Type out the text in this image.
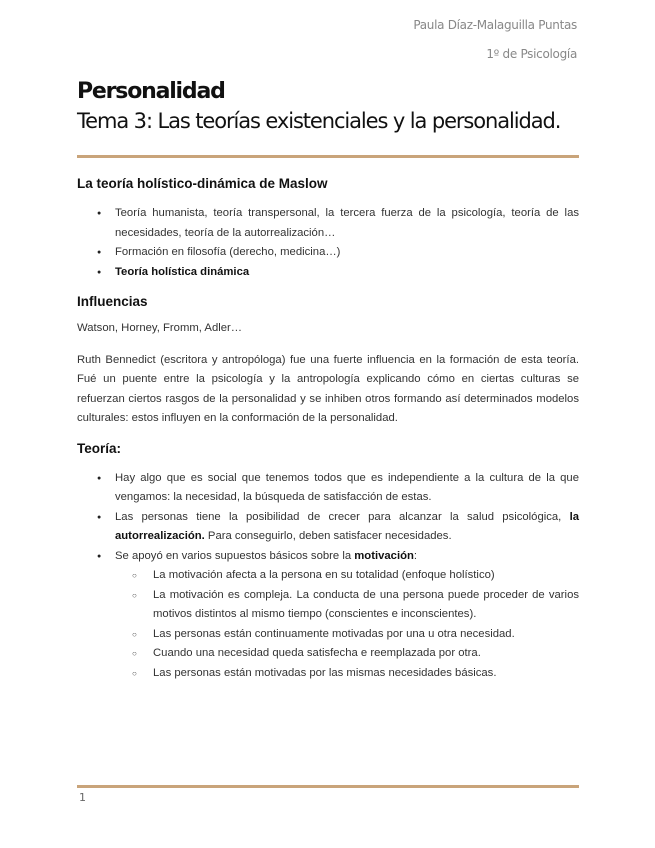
Paula Díaz-Malaguilla Puntas
1º de Psicología
Personalidad
Tema 3: Las teorías existenciales y la personalidad.
La teoría holístico-dinámica de Maslow
● Teoría humanista, teoría transpersonal, la tercera fuerza de la psicología, teoría de las necesidades, teoría de la autorrealización…
● Formación en filosofía (derecho, medicina…)
● Teoría holística dinámica
Influencias

Watson, Horney, Fromm, Adler…

Ruth Bennedict (escritora y antropóloga) fue una fuerte influencia en la formación de esta teoría. Fué un puente entre la psicología y la antropología explicando cómo en ciertas culturas se refuerzan ciertos rasgos de la personalidad y se inhiben otros formando así determinados modelos culturales: estos influyen en la conformación de la personalidad.

Teoría:
● Hay algo que es social que tenemos todos que es independiente a la cultura de la que vengamos: la necesidad, la búsqueda de satisfacción de estas.
● Las personas tiene la posibilidad de crecer para alcanzar la salud psicológica, la autorrealización. Para conseguirlo, deben satisfacer necesidades.
● Se apoyó en varios supuestos básicos sobre la motivación:
○ La motivación afecta a la persona en su totalidad (enfoque holístico)
○ La motivación es compleja. La conducta de una persona puede proceder de varios motivos distintos al mismo tiempo (conscientes e inconscientes).
○ Las personas están continuamente motivadas por una u otra necesidad.
○ Cuando una necesidad queda satisfecha e reemplazada por otra.
○ Las personas están motivadas por las mismas necesidades básicas.
1
